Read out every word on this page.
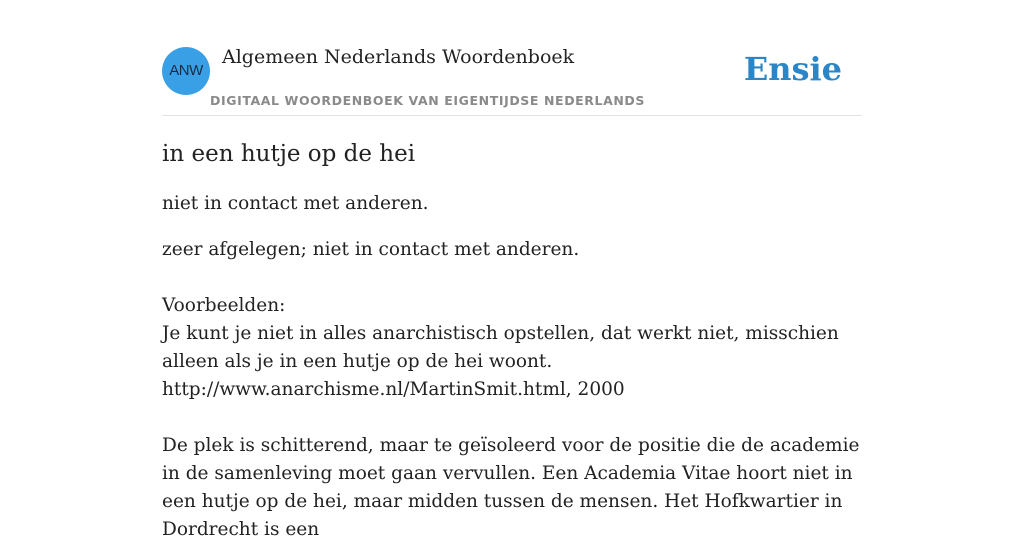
ANW
Algemeen Nederlands Woordenboek
DIGITAAL WOORDENBOEK VAN EIGENTIJDSE NEDERLANDS
Ensie
in een hutje op de hei

niet in contact met anderen.

zeer afgelegen; niet in contact met anderen.

Voorbeelden:

Je kunt je niet in alles anarchistisch opstellen, dat werkt niet, misschien alleen als je in een hutje op de hei woont.

http://www.anarchisme.nl/MartinSmit.html, 2000

De plek is schitterend, maar te geïsoleerd voor de positie die de academie in de samenleving moet gaan vervullen. Een Academia Vitae hoort niet in een hutje op de hei, maar midden tussen de mensen. Het Hofkwartier in Dordrecht is een
